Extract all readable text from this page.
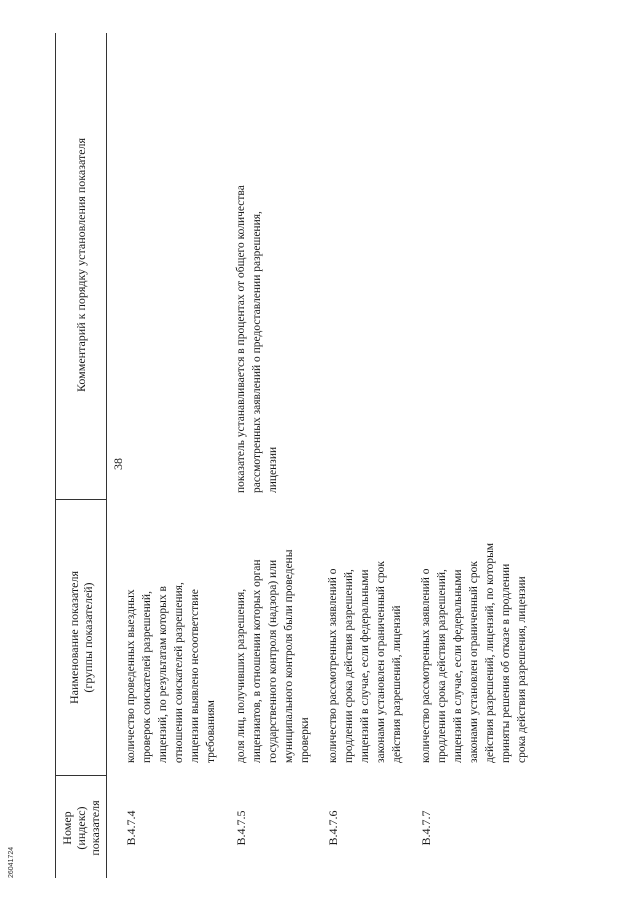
Номер
(индекс)
показателя
Наименование показателя
(группы показателей)
Комментарий к порядку установления показателя
38
В.4.7.4
количество проведенных выездных
проверок соискателей разрешений,
лицензий, по результатам которых в
отношении соискателей разрешения,
лицензии выявлено несоответствие
требованиям
В.4.7.5
доля лиц, получивших разрешения,
лицензиатов, в отношении которых орган
государственного контроля (надзора) или
муниципального контроля были проведены
проверки
показатель устанавливается в процентах от общего количества
рассмотренных заявлений о предоставлении разрешения,
лицензии
В.4.7.6
количество рассмотренных заявлений о
продлении срока действия разрешений,
лицензий в случае, если федеральными
законами установлен ограниченный срок
действия разрешений, лицензий
В.4.7.7
количество рассмотренных заявлений о
продлении срока действия разрешений,
лицензий в случае, если федеральными
законами установлен ограниченный срок
действия разрешений, лицензий, по которым
приняты решения об отказе в продлении
срока действия разрешения, лицензии
26041724
